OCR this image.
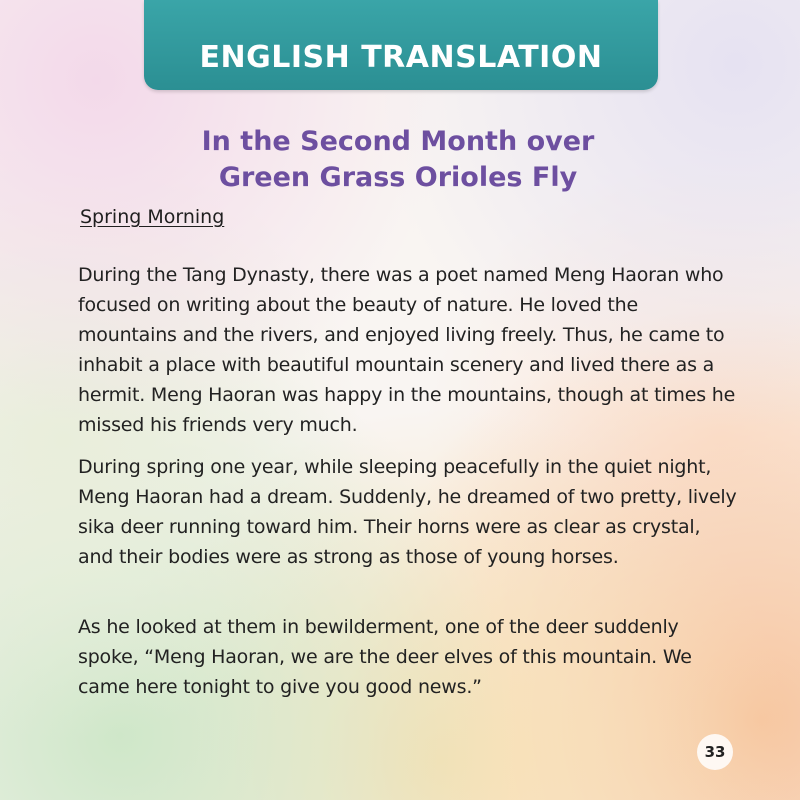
ENGLISH TRANSLATION
In the Second Month over
Green Grass Orioles Fly
Spring Morning

During the Tang Dynasty, there was a poet named Meng Haoran who focused on writing about the beauty of nature. He loved the mountains and the rivers, and enjoyed living freely. Thus, he came to inhabit a place with beautiful mountain scenery and lived there as a hermit. Meng Haoran was happy in the mountains, though at times he missed his friends very much.

During spring one year, while sleeping peacefully in the quiet night, Meng Haoran had a dream. Suddenly, he dreamed of two pretty, lively sika deer running toward him. Their horns were as clear as crystal, and their bodies were as strong as those of young horses.

As he looked at them in bewilderment, one of the deer suddenly spoke, “Meng Haoran, we are the deer elves of this mountain. We came here tonight to give you good news.”

33
